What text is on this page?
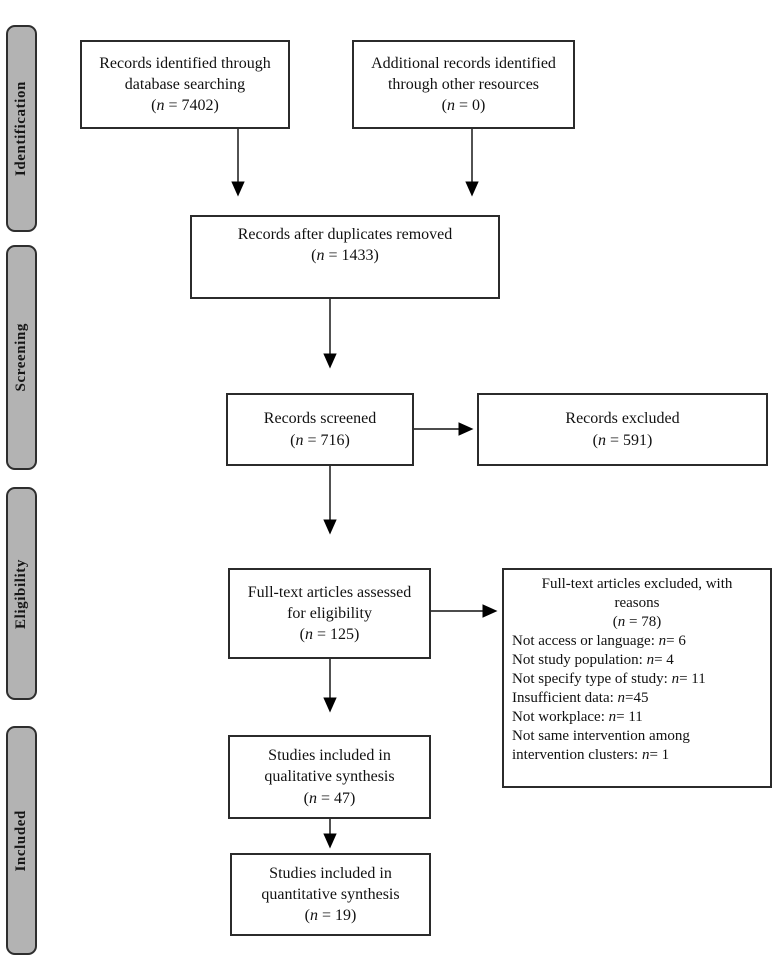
Identification
Screening
Eligibility
Included
Records identified through
database searching
(n = 7402)
Additional records identified
through other resources
(n = 0)
Records after duplicates removed
(n = 1433)
Records screened
(n = 716)
Records excluded
(n = 591)
Full-text articles assessed
for eligibility
(n = 125)
Full-text articles excluded, with
reasons
(n = 78)
Not access or language: n= 6
Not study population: n= 4
Not specify type of study: n= 11
Insufficient data: n=45
Not workplace: n= 11
Not same intervention among
intervention clusters: n= 1
Studies included in
qualitative synthesis
(n = 47)
Studies included in
quantitative synthesis
(n = 19)
